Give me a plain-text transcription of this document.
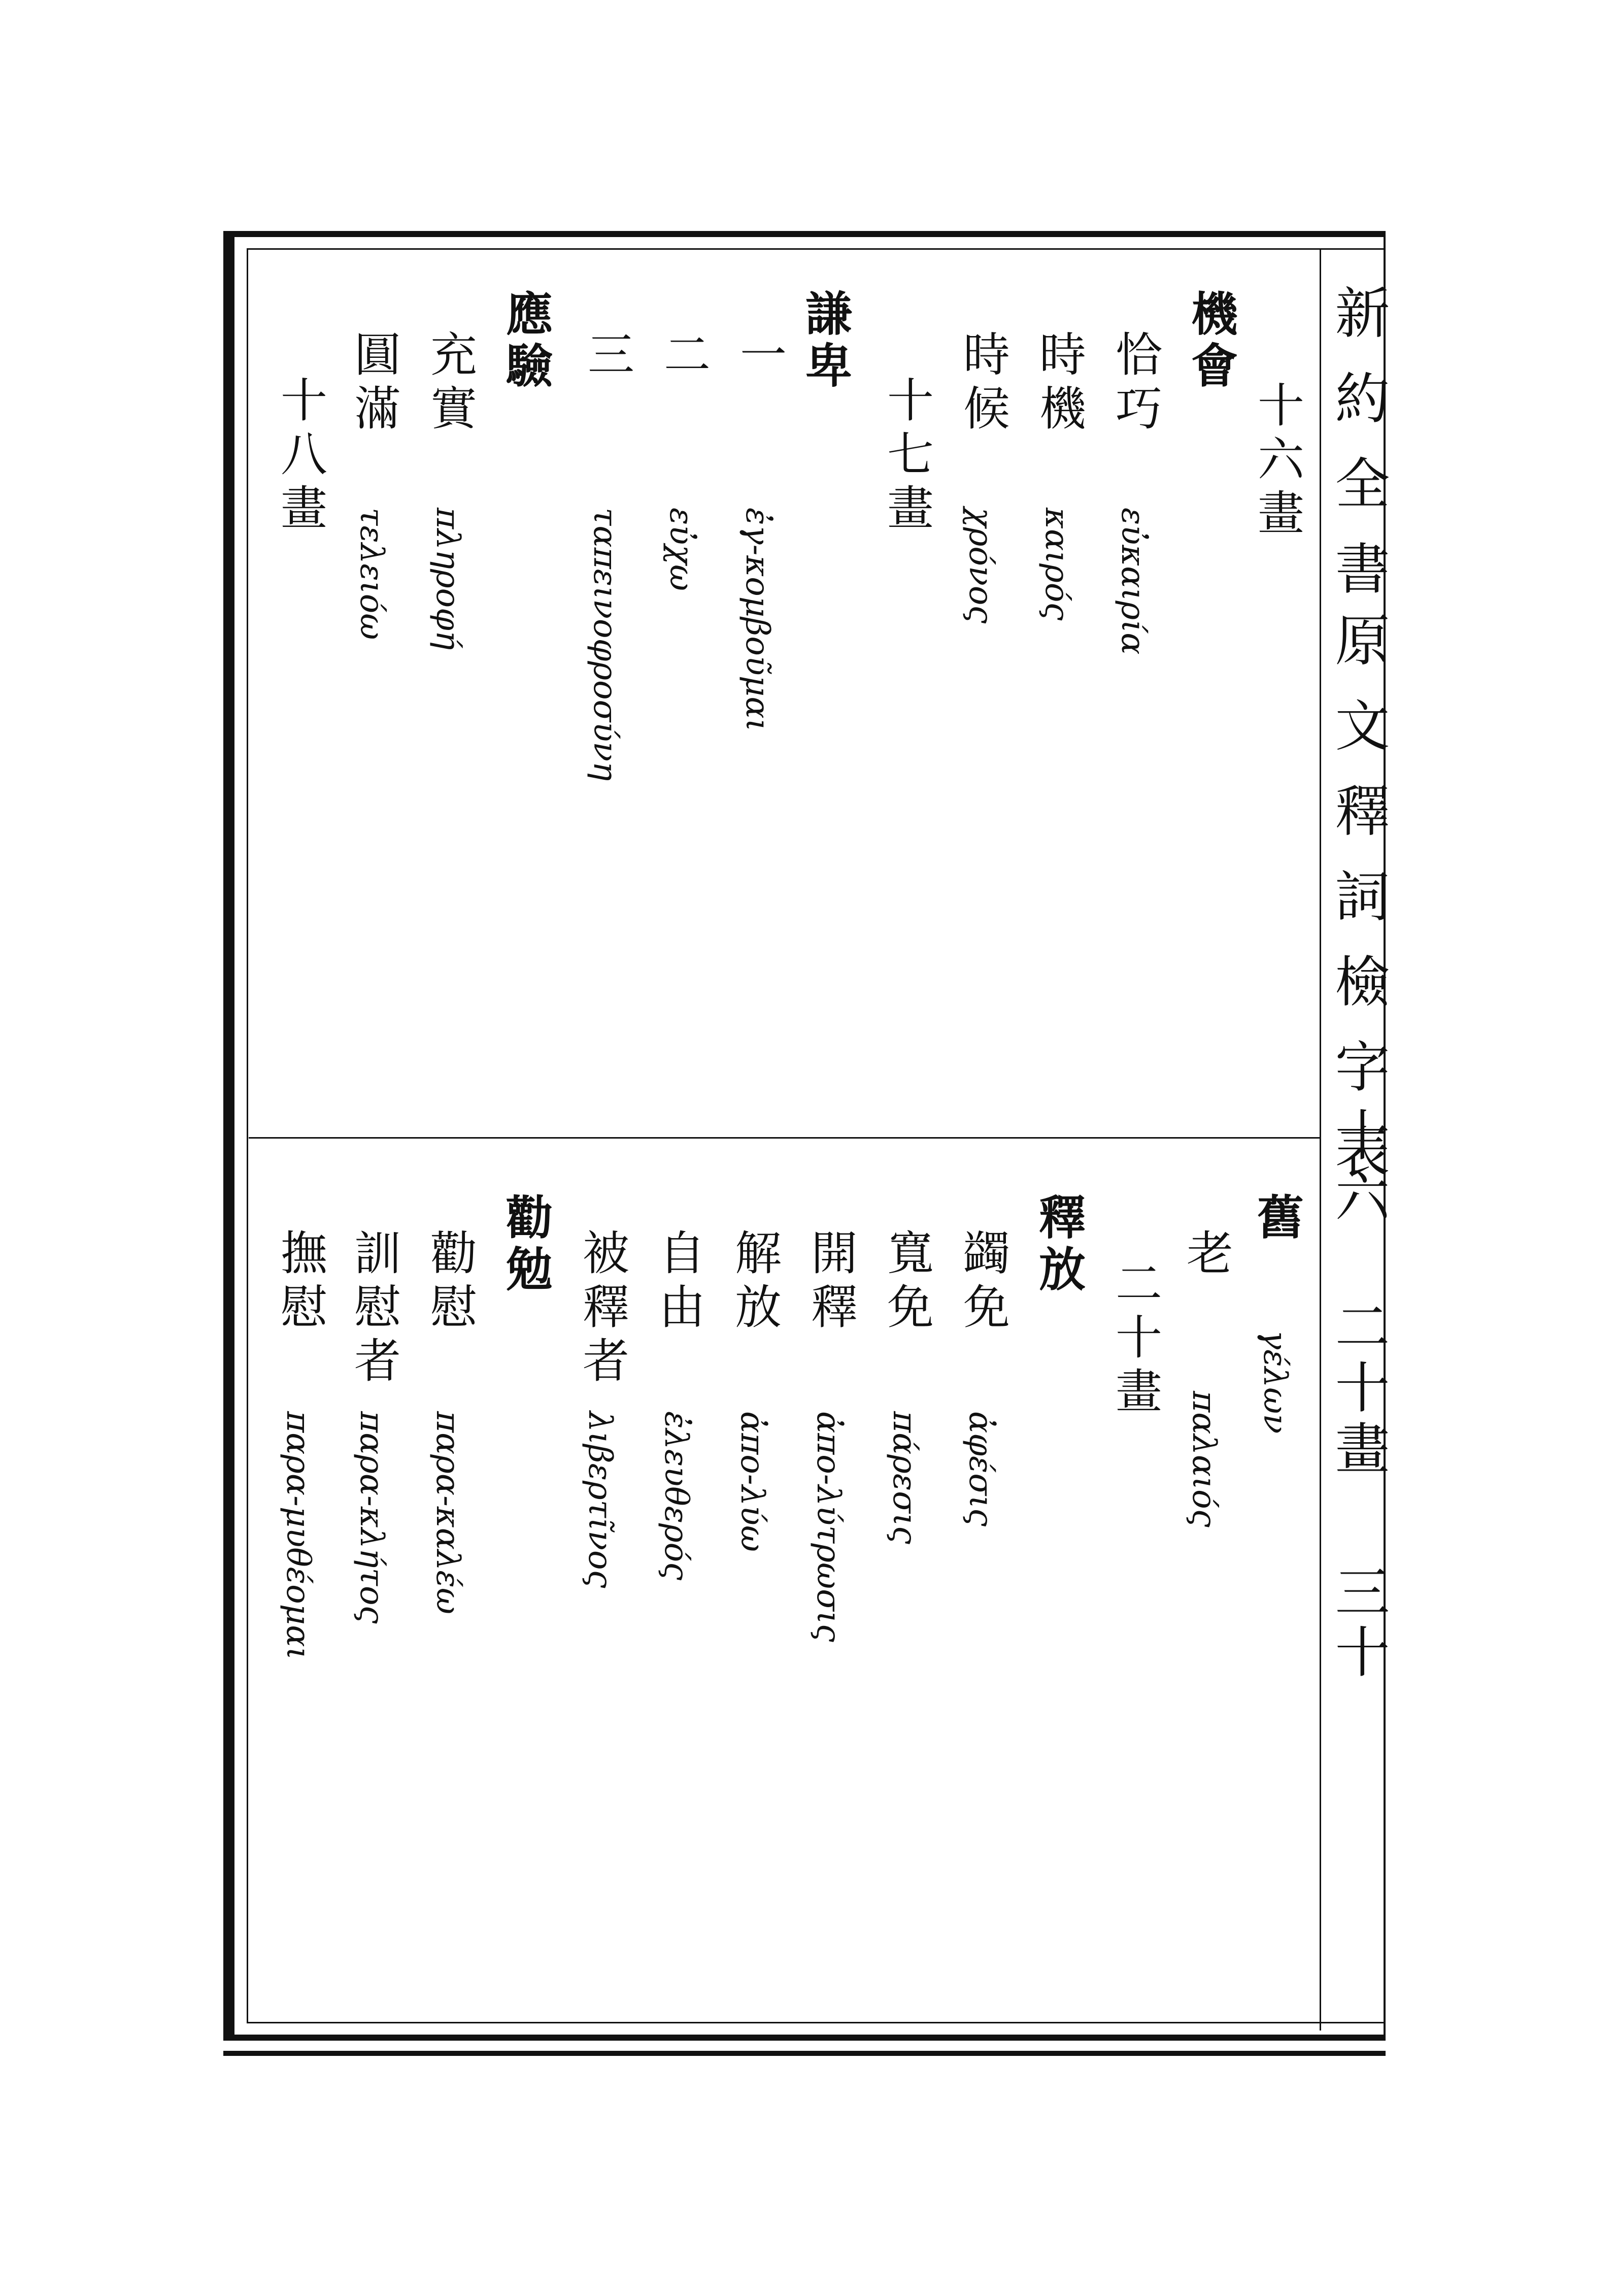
新約全書
原文釋詞檢字表
十六 二十畫
三十
十六畫
機會
恰巧
εὐκαιρία
時機
καιρός
時候
χρόνος
十七畫
謙卑
一
ἐγ-κομβοῦμαι
二
εὐχω
三
ταπεινοφροσύνη
應驗
充實
πληροφή
圓滿
τελειόω
十八畫
舊
γέλων
老
παλαιός
二十畫
釋放
蠲免
ἀφέσις
寬免
πάρεσις
開釋
ἀπο-λύτρωσις
解放
ἀπο-λύω
自由
ἐλευθερός
被釋者
λιβερτῖνος
勸勉
勸慰
παρα-καλέω
訓慰者
παρα-κλήτος
撫慰
παρα-μυθέομαι
